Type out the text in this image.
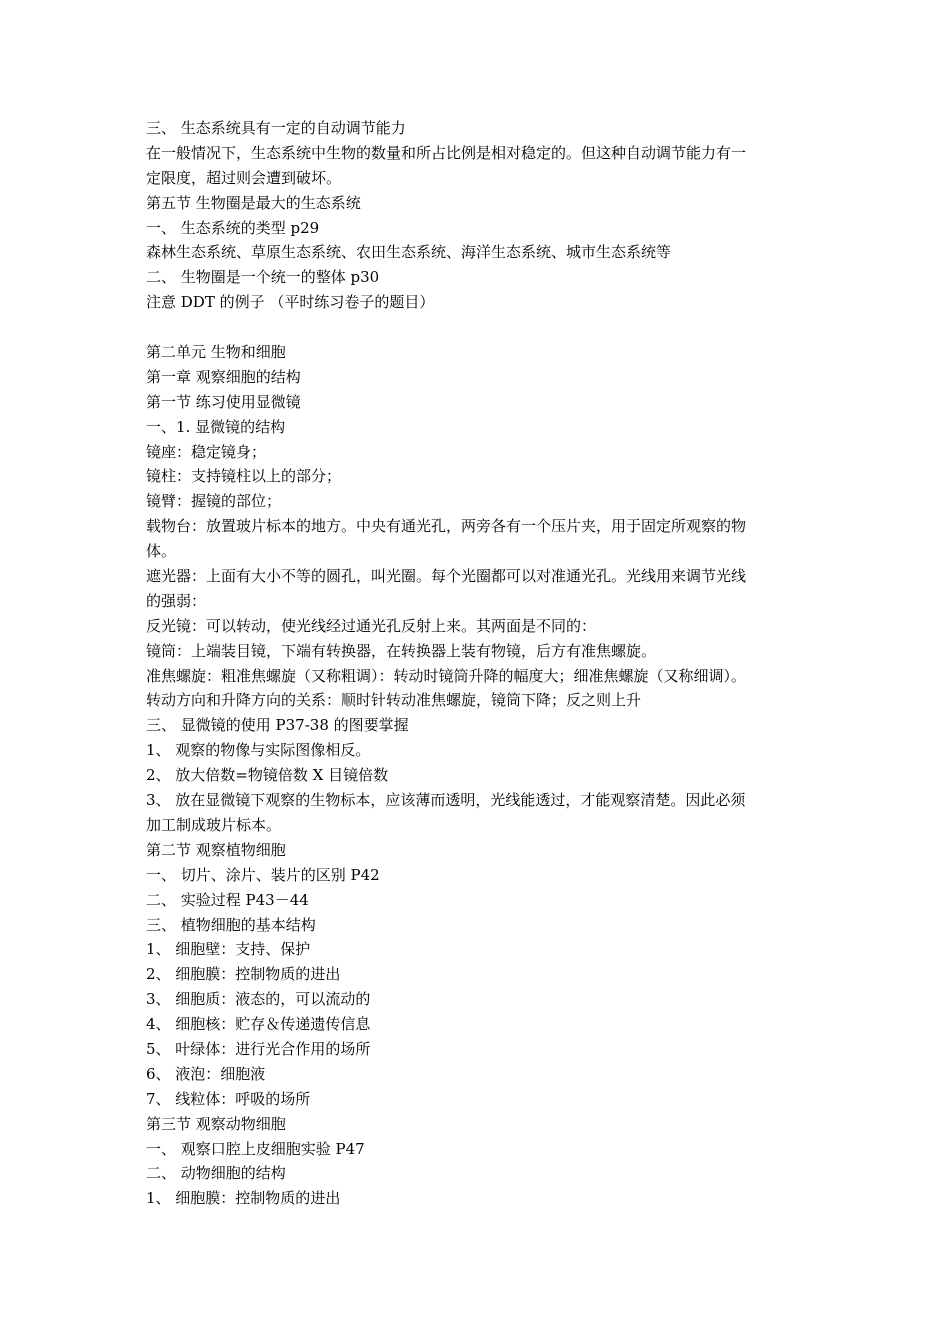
三、 生态系统具有一定的自动调节能力
在一般情况下，生态系统中生物的数量和所占比例是相对稳定的。但这种自动调节能力有一
定限度，超过则会遭到破坏。
第五节 生物圈是最大的生态系统
一、 生态系统的类型 p29
森林生态系统、草原生态系统、农田生态系统、海洋生态系统、城市生态系统等
二、 生物圈是一个统一的整体 p30
注意 DDT 的例子 （平时练习卷子的题目）
第二单元 生物和细胞
第一章 观察细胞的结构
第一节 练习使用显微镜
一、1. 显微镜的结构
镜座：稳定镜身；
镜柱：支持镜柱以上的部分；
镜臂：握镜的部位；
载物台：放置玻片标本的地方。中央有通光孔，两旁各有一个压片夹，用于固定所观察的物
体。
遮光器：上面有大小不等的圆孔，叫光圈。每个光圈都可以对准通光孔。光线用来调节光线
的强弱：
反光镜：可以转动，使光线经过通光孔反射上来。其两面是不同的：
镜筒：上端装目镜，下端有转换器，在转换器上装有物镜，后方有准焦螺旋。
准焦螺旋：粗准焦螺旋（又称粗调）：转动时镜筒升降的幅度大；细准焦螺旋（又称细调）。
转动方向和升降方向的关系：顺时针转动准焦螺旋，镜筒下降；反之则上升
三、 显微镜的使用 P37-38 的图要掌握
1、 观察的物像与实际图像相反。
2、 放大倍数=物镜倍数 X 目镜倍数
3、 放在显微镜下观察的生物标本，应该薄而透明，光线能透过，才能观察清楚。因此必须
加工制成玻片标本。
第二节 观察植物细胞
一、 切片、涂片、装片的区别 P42
二、 实验过程 P43－44
三、 植物细胞的基本结构
1、 细胞壁：支持、保护
2、 细胞膜：控制物质的进出
3、 细胞质：液态的，可以流动的
4、 细胞核：贮存＆传递遗传信息
5、 叶绿体：进行光合作用的场所
6、 液泡：细胞液
7、 线粒体：呼吸的场所
第三节 观察动物细胞
一、 观察口腔上皮细胞实验 P47
二、 动物细胞的结构
1、 细胞膜：控制物质的进出
